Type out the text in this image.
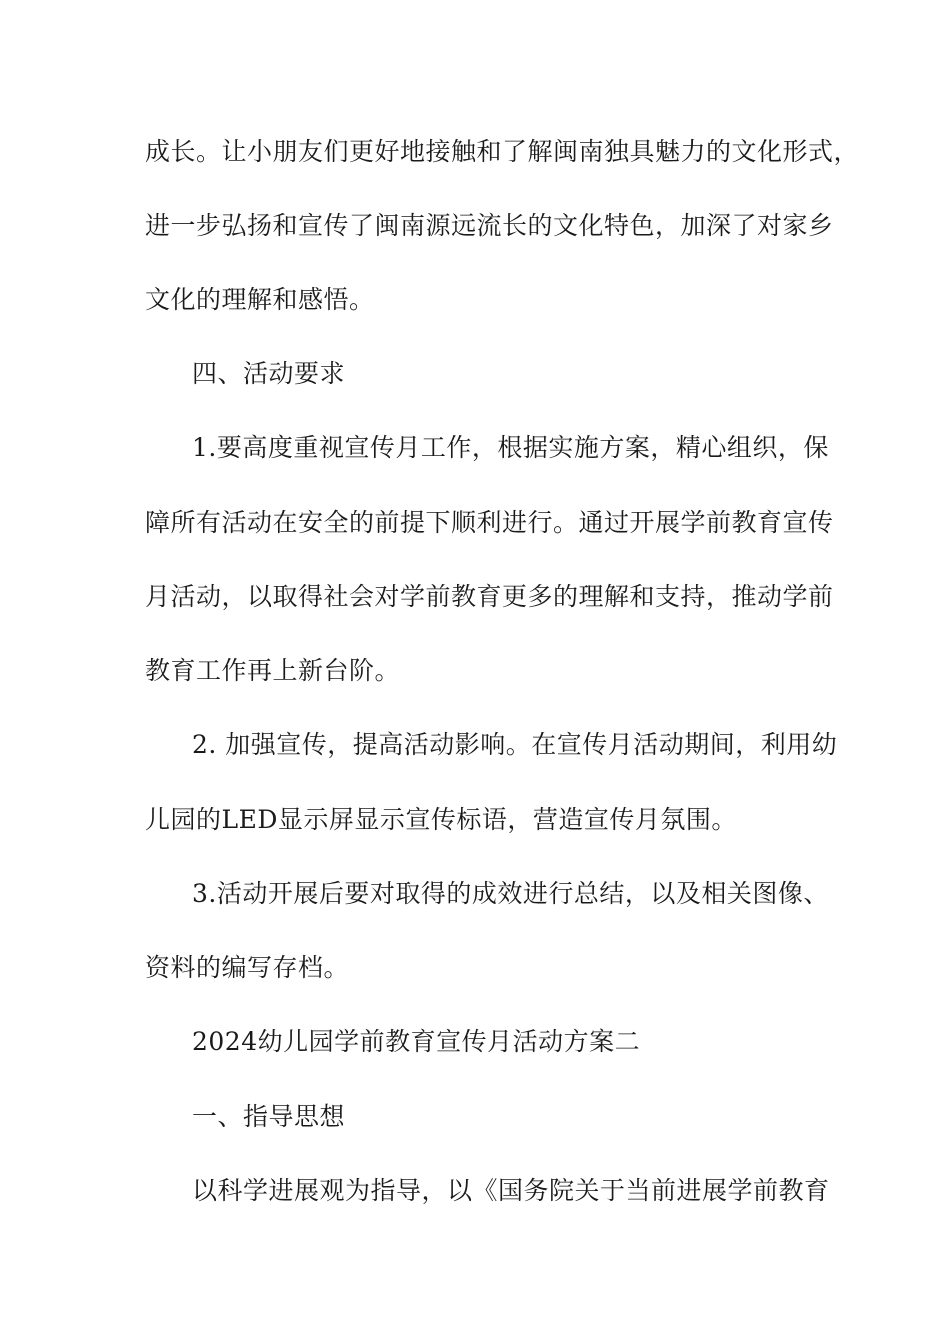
成长。让小朋友们更好地接触和了解闽南独具魅力的文化形式，
进一步弘扬和宣传了闽南源远流长的文化特色，加深了对家乡
文化的理解和感悟。
四、活动要求
1.要高度重视宣传月工作，根据实施方案，精心组织，保
障所有活动在安全的前提下顺利进行。通过开展学前教育宣传
月活动，以取得社会对学前教育更多的理解和支持，推动学前
教育工作再上新台阶。
2. 加强宣传，提高活动影响。在宣传月活动期间，利用幼
儿园的LED显示屏显示宣传标语，营造宣传月氛围。
3.活动开展后要对取得的成效进行总结，以及相关图像、
资料的编写存档。
2024幼儿园学前教育宣传月活动方案二
一、指导思想
以科学进展观为指导，以《国务院关于当前进展学前教育
